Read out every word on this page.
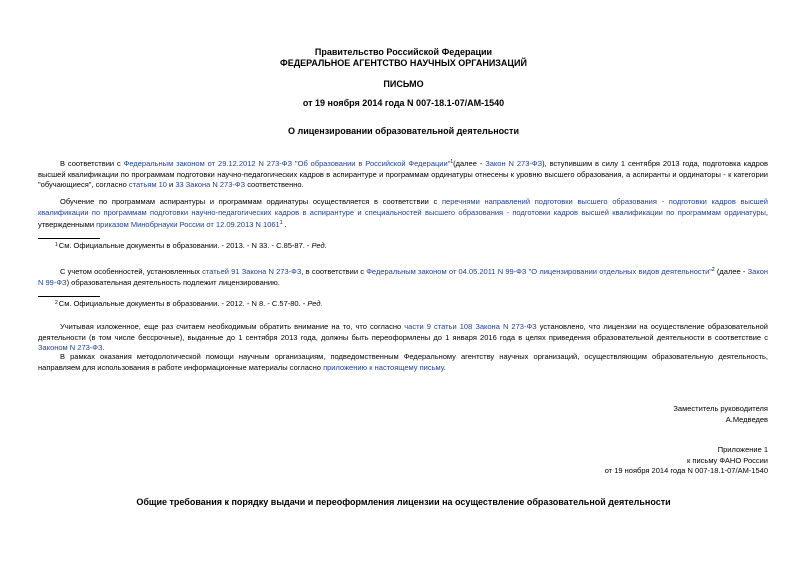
Правительство Российской Федерации
ФЕДЕРАЛЬНОЕ АГЕНТСТВО НАУЧНЫХ ОРГАНИЗАЦИЙ
ПИСЬМО
от 19 ноября 2014 года N 007-18.1-07/АМ-1540
О лицензировании образовательной деятельности
В соответствии с Федеральным законом от 29.12.2012 N 273-ФЗ "Об образовании в Российской Федерации"$^1$(далее - Закон N 273-ФЗ), вступившим в силу 1 сентября 2013 года, подготовка кадров высшей квалификации по программам подготовки научно-педагогических кадров в аспирантуре и программам ординатуры отнесены к уровню высшего образования, а аспиранты и ординаторы - к категории "обучающиеся", согласно статьям 10 и 33 Закона N 273-ФЗ соответственно.
Обучение по программам аспирантуры и программам ординатуры осуществляется в соответствии с перечнями направлений подготовки высшего образования - подготовки кадров высшей квалификации по программам подготовки научно-педагогических кадров в аспирантуре и специальностей высшего образования - подготовки кадров высшей квалификации по программам ординатуры, утвержденными приказом Минобрнауки России от 12.09.2013 N 1061$^1$ .
$^1$См. Официальные документы в образовании. - 2013. - N 33. - С.85-87. - Ред.
С учетом особенностей, установленных статьей 91 Закона N 273-ФЗ, в соответствии с Федеральным законом от 04.05.2011 N 99-ФЗ "О лицензировании отдельных видов деятельности"$^2$ (далее - Закон N 99-ФЗ) образовательная деятельность подлежит лицензированию.
$^2$См. Официальные документы в образовании. - 2012. - N 8. - С.57-80. - Ред.
Учитывая изложенное, еще раз считаем необходимым обратить внимание на то, что согласно части 9 статьи 108 Закона N 273-ФЗ установлено, что лицензии на осуществление образовательной деятельности (в том числе бессрочные), выданные до 1 сентября 2013 года, должны быть переоформлены до 1 января 2016 года в целях приведения образовательной деятельности в соответствие с Законом N 273-ФЗ.
В рамках оказания методологической помощи научным организациям, подведомственным Федеральному агентству научных организаций, осуществляющим образовательную деятельность, направляем для использования в работе информационные материалы согласно приложению к настоящему письму.
Заместитель руководителя
А.Медведев
Приложение 1
к письму ФАНО России
от 19 ноября 2014 года N 007-18.1-07/АМ-1540
Общие требования к порядку выдачи и переоформления лицензии на осуществление образовательной деятельности
